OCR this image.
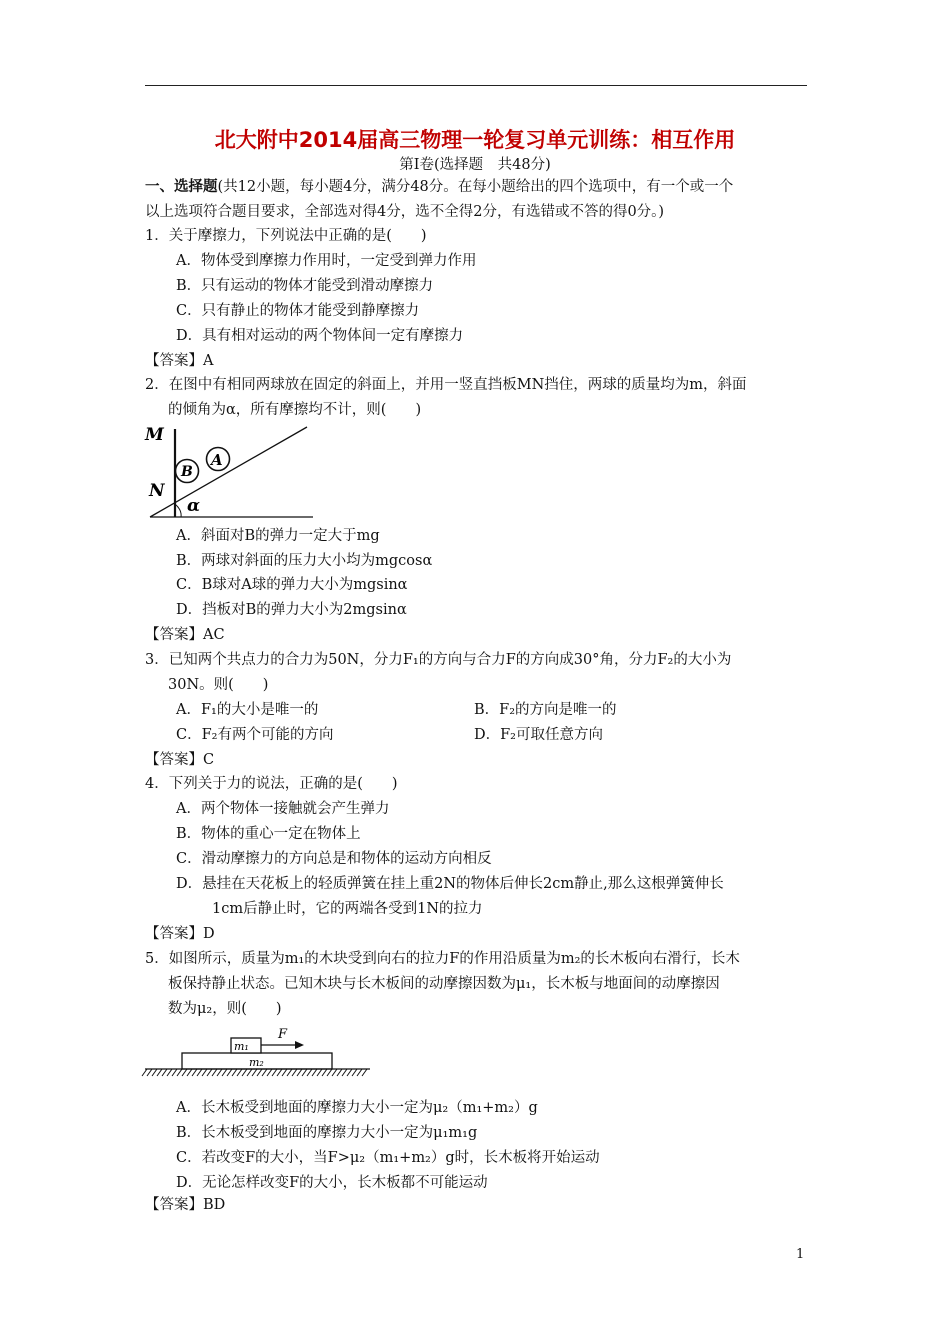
北大附中2014届高三物理一轮复习单元训练：相互作用
第Ⅰ卷(选择题　共48分)
一、选择题(共12小题，每小题4分，满分48分。在每小题给出的四个选项中，有一个或一个
以上选项符合题目要求，全部选对得4分，选不全得2分，有选错或不答的得0分。)
1．关于摩擦力，下列说法中正确的是(　　)
A．物体受到摩擦力作用时，一定受到弹力作用
B．只有运动的物体才能受到滑动摩擦力
C．只有静止的物体才能受到静摩擦力
D．具有相对运动的两个物体间一定有摩擦力
【答案】A
2．在图中有相同两球放在固定的斜面上，并用一竖直挡板MN挡住，两球的质量均为m，斜面
的倾角为α，所有摩擦均不计，则(　　)
M
N
B
A
α
A．斜面对B的弹力一定大于mg
B．两球对斜面的压力大小均为mgcosα
C．B球对A球的弹力大小为mgsinα
D．挡板对B的弹力大小为2mgsinα
【答案】AC
3．已知两个共点力的合力为50N，分力F₁的方向与合力F的方向成30°角，分力F₂的大小为
30N。则(　　)
A．F₁的大小是唯一的	B．F₂的方向是唯一的
C．F₂有两个可能的方向	D．F₂可取任意方向
【答案】C
4．下列关于力的说法，正确的是(　　)
A．两个物体一接触就会产生弹力
B．物体的重心一定在物体上
C．滑动摩擦力的方向总是和物体的运动方向相反
D．悬挂在天花板上的轻质弹簧在挂上重2N的物体后伸长2cm静止,那么这根弹簧伸长
1cm后静止时，它的两端各受到1N的拉力
【答案】D
5．如图所示，质量为m₁的木块受到向右的拉力F的作用沿质量为m₂的长木板向右滑行，长木
板保持静止状态。已知木块与长木板间的动摩擦因数为μ₁，长木板与地面间的动摩擦因
数为μ₂，则(　　)
m₁
m₂
F
A．长木板受到地面的摩擦力大小一定为μ₂（m₁+m₂）g
B．长木板受到地面的摩擦力大小一定为μ₁m₁g
C．若改变F的大小，当F>μ₂（m₁+m₂）g时，长木板将开始运动
D．无论怎样改变F的大小，长木板都不可能运动
【答案】BD
1
